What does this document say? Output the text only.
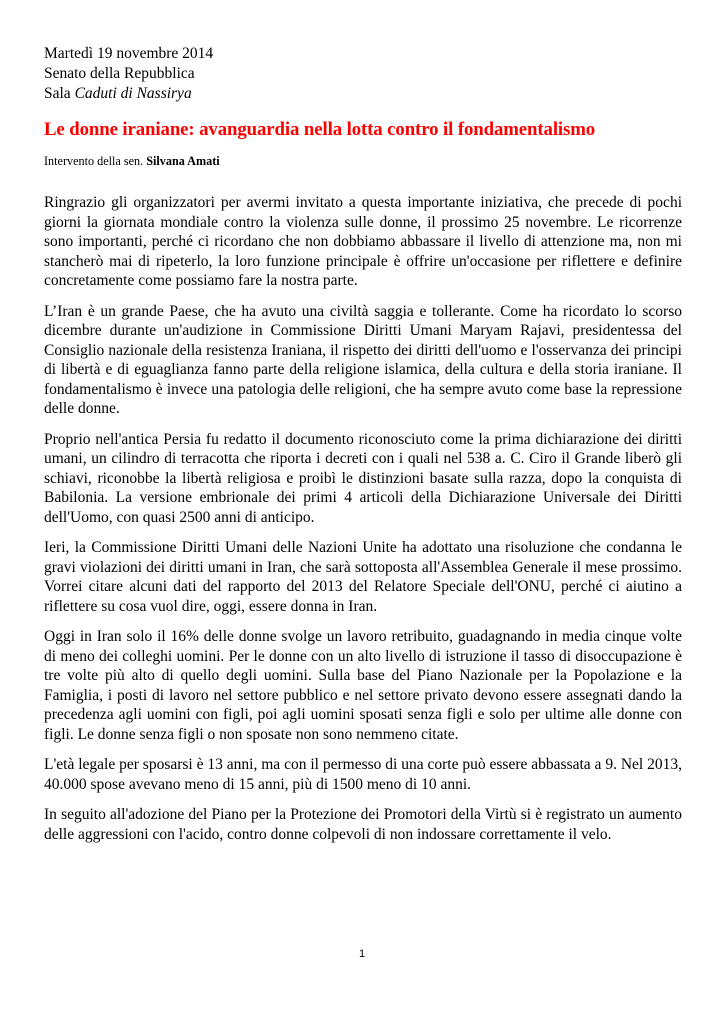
Martedì 19 novembre 2014
Senato della Repubblica
Sala Caduti di Nassirya
Le donne iraniane: avanguardia nella lotta contro il fondamentalismo
Intervento della sen. Silvana Amati

Ringrazio gli organizzatori per avermi invitato a questa importante iniziativa, che precede di pochi giorni la giornata mondiale contro la violenza sulle donne, il prossimo 25 novembre. Le ricorrenze sono importanti, perché ci ricordano che non dobbiamo abbassare il livello di attenzione ma, non mi stancherò mai di ripeterlo, la loro funzione principale è offrire un'occasione per riflettere e definire concretamente come possiamo fare la nostra parte.

L’Iran è un grande Paese, che ha avuto una civiltà saggia e tollerante. Come ha ricordato lo scorso dicembre durante un'audizione in Commissione Diritti Umani Maryam Rajavi, presidentessa del Consiglio nazionale della resistenza Iraniana, il rispetto dei diritti dell'uomo e l'osservanza dei principi di libertà e di eguaglianza fanno parte della religione islamica, della cultura e della storia iraniane. Il fondamentalismo è invece una patologia delle religioni, che ha sempre avuto come base la repressione delle donne.

Proprio nell'antica Persia fu redatto il documento riconosciuto come la prima dichiarazione dei diritti umani, un cilindro di terracotta che riporta i decreti con i quali nel 538 a. C. Ciro il Grande liberò gli schiavi, riconobbe la libertà religiosa e proibì le distinzioni basate sulla razza, dopo la conquista di Babilonia. La versione embrionale dei primi 4 articoli della Dichiarazione Universale dei Diritti dell'Uomo, con quasi 2500 anni di anticipo.

Ieri, la Commissione Diritti Umani delle Nazioni Unite ha adottato una risoluzione che condanna le gravi violazioni dei diritti umani in Iran, che sarà sottoposta all'Assemblea Generale il mese prossimo. Vorrei citare alcuni dati del rapporto del 2013 del Relatore Speciale dell'ONU, perché ci aiutino a riflettere su cosa vuol dire, oggi, essere donna in Iran.

Oggi in Iran solo il 16% delle donne svolge un lavoro retribuito, guadagnando in media cinque volte di meno dei colleghi uomini. Per le donne con un alto livello di istruzione il tasso di disoccupazione è tre volte più alto di quello degli uomini. Sulla base del Piano Nazionale per la Popolazione e la Famiglia, i posti di lavoro nel settore pubblico e nel settore privato devono essere assegnati dando la precedenza agli uomini con figli, poi agli uomini sposati senza figli e solo per ultime alle donne con figli. Le donne senza figli o non sposate non sono nemmeno citate.

L'età legale per sposarsi è 13 anni, ma con il permesso di una corte può essere abbassata a 9. Nel 2013, 40.000 spose avevano meno di 15 anni, più di 1500 meno di 10 anni.

In seguito all'adozione del Piano per la Protezione dei Promotori della Virtù si è registrato un aumento delle aggressioni con l'acido, contro donne colpevoli di non indossare correttamente il velo.

1
